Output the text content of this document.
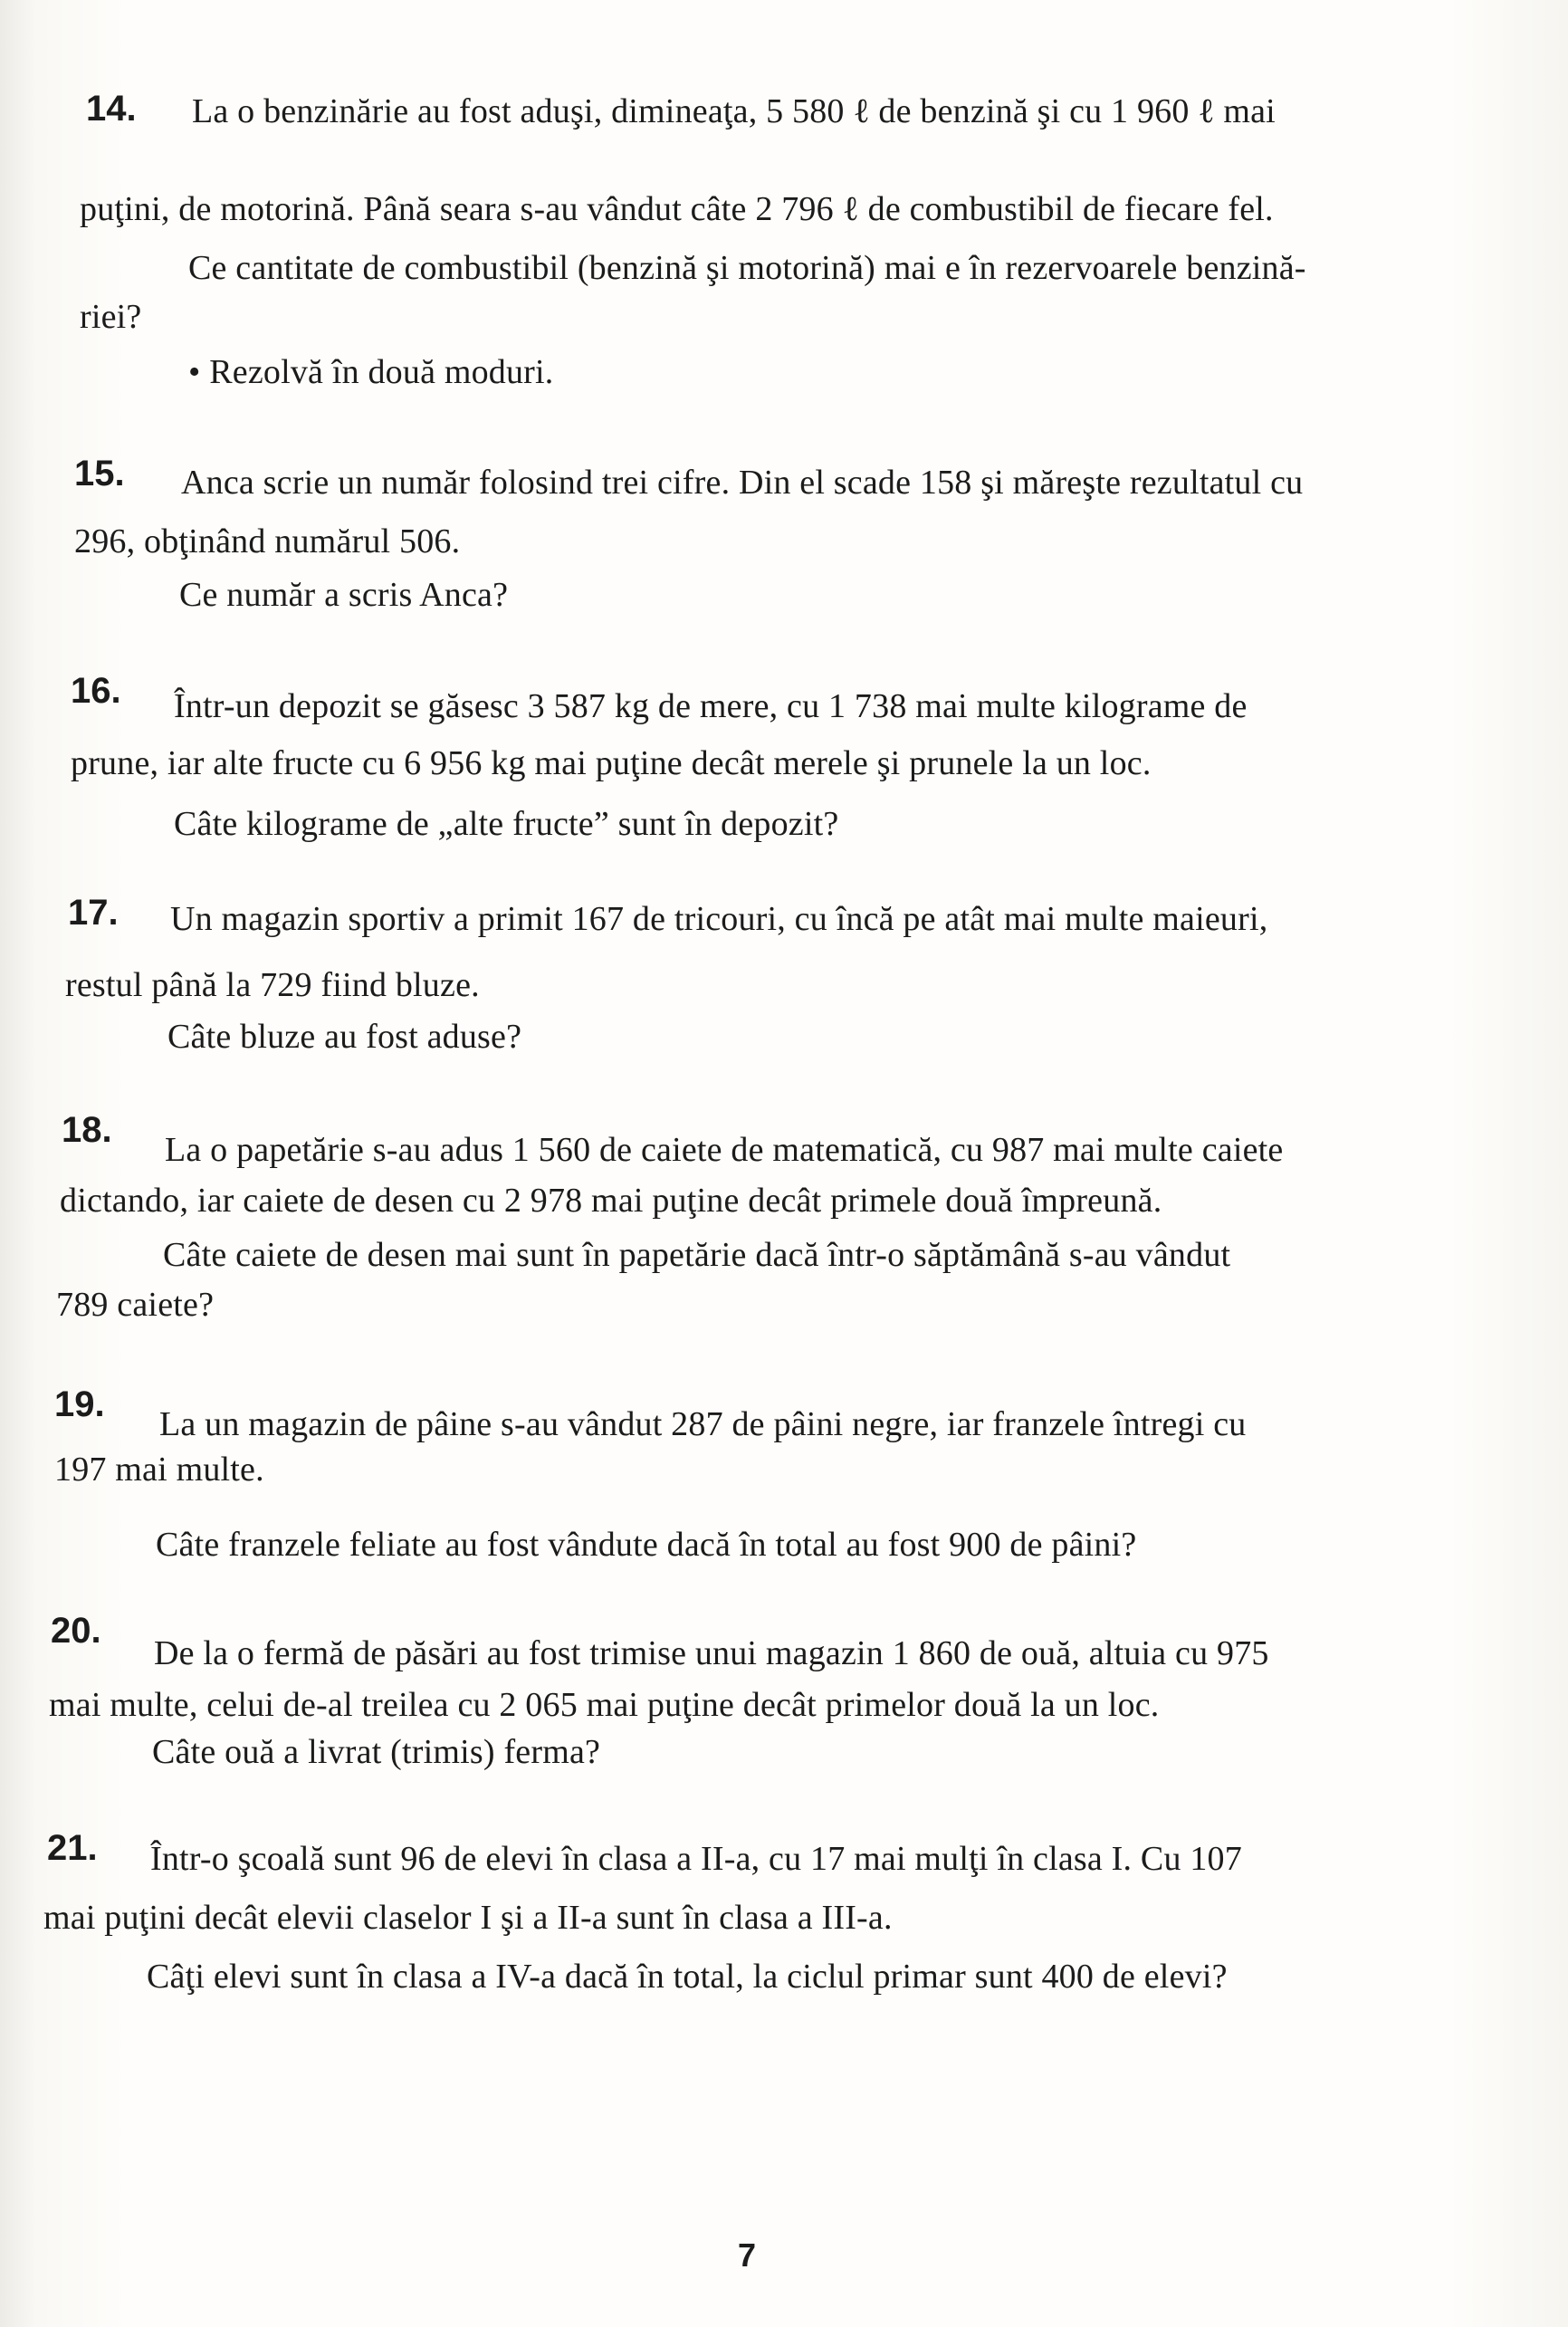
14. La o benzinărie au fost aduşi, dimineaţa, 5 580 ℓ de benzină şi cu 1 960 ℓ mai
puţini, de motorină. Până seara s-au vândut câte 2 796 ℓ de combustibil de fiecare fel.
Ce cantitate de combustibil (benzină şi motorină) mai e în rezervoarele benzină-
riei?
• Rezolvă în două moduri.
15. Anca scrie un număr folosind trei cifre. Din el scade 158 şi măreşte rezultatul cu
296, obţinând numărul 506.
Ce număr a scris Anca?
16. Într-un depozit se găsesc 3 587 kg de mere, cu 1 738 mai multe kilograme de
prune, iar alte fructe cu 6 956 kg mai puţine decât merele şi prunele la un loc.
Câte kilograme de „alte fructe” sunt în depozit?
17. Un magazin sportiv a primit 167 de tricouri, cu încă pe atât mai multe maieuri,
restul până la 729 fiind bluze.
Câte bluze au fost aduse?
18. La o papetărie s-au adus 1 560 de caiete de matematică, cu 987 mai multe caiete
dictando, iar caiete de desen cu 2 978 mai puţine decât primele două împreună.
Câte caiete de desen mai sunt în papetărie dacă într-o săptămână s-au vândut
789 caiete?
19. La un magazin de pâine s-au vândut 287 de pâini negre, iar franzele întregi cu
197 mai multe.
Câte franzele feliate au fost vândute dacă în total au fost 900 de pâini?
20.
De la o fermă de păsări au fost trimise unui magazin 1 860 de ouă, altuia cu 975
mai multe, celui de-al treilea cu 2 065 mai puţine decât primelor două la un loc.
Câte ouă a livrat (trimis) ferma?
21. Într-o şcoală sunt 96 de elevi în clasa a II-a, cu 17 mai mulţi în clasa I. Cu 107
mai puţini decât elevii claselor I şi a II-a sunt în clasa a III-a.
Câţi elevi sunt în clasa a IV-a dacă în total, la ciclul primar sunt 400 de elevi?
7
